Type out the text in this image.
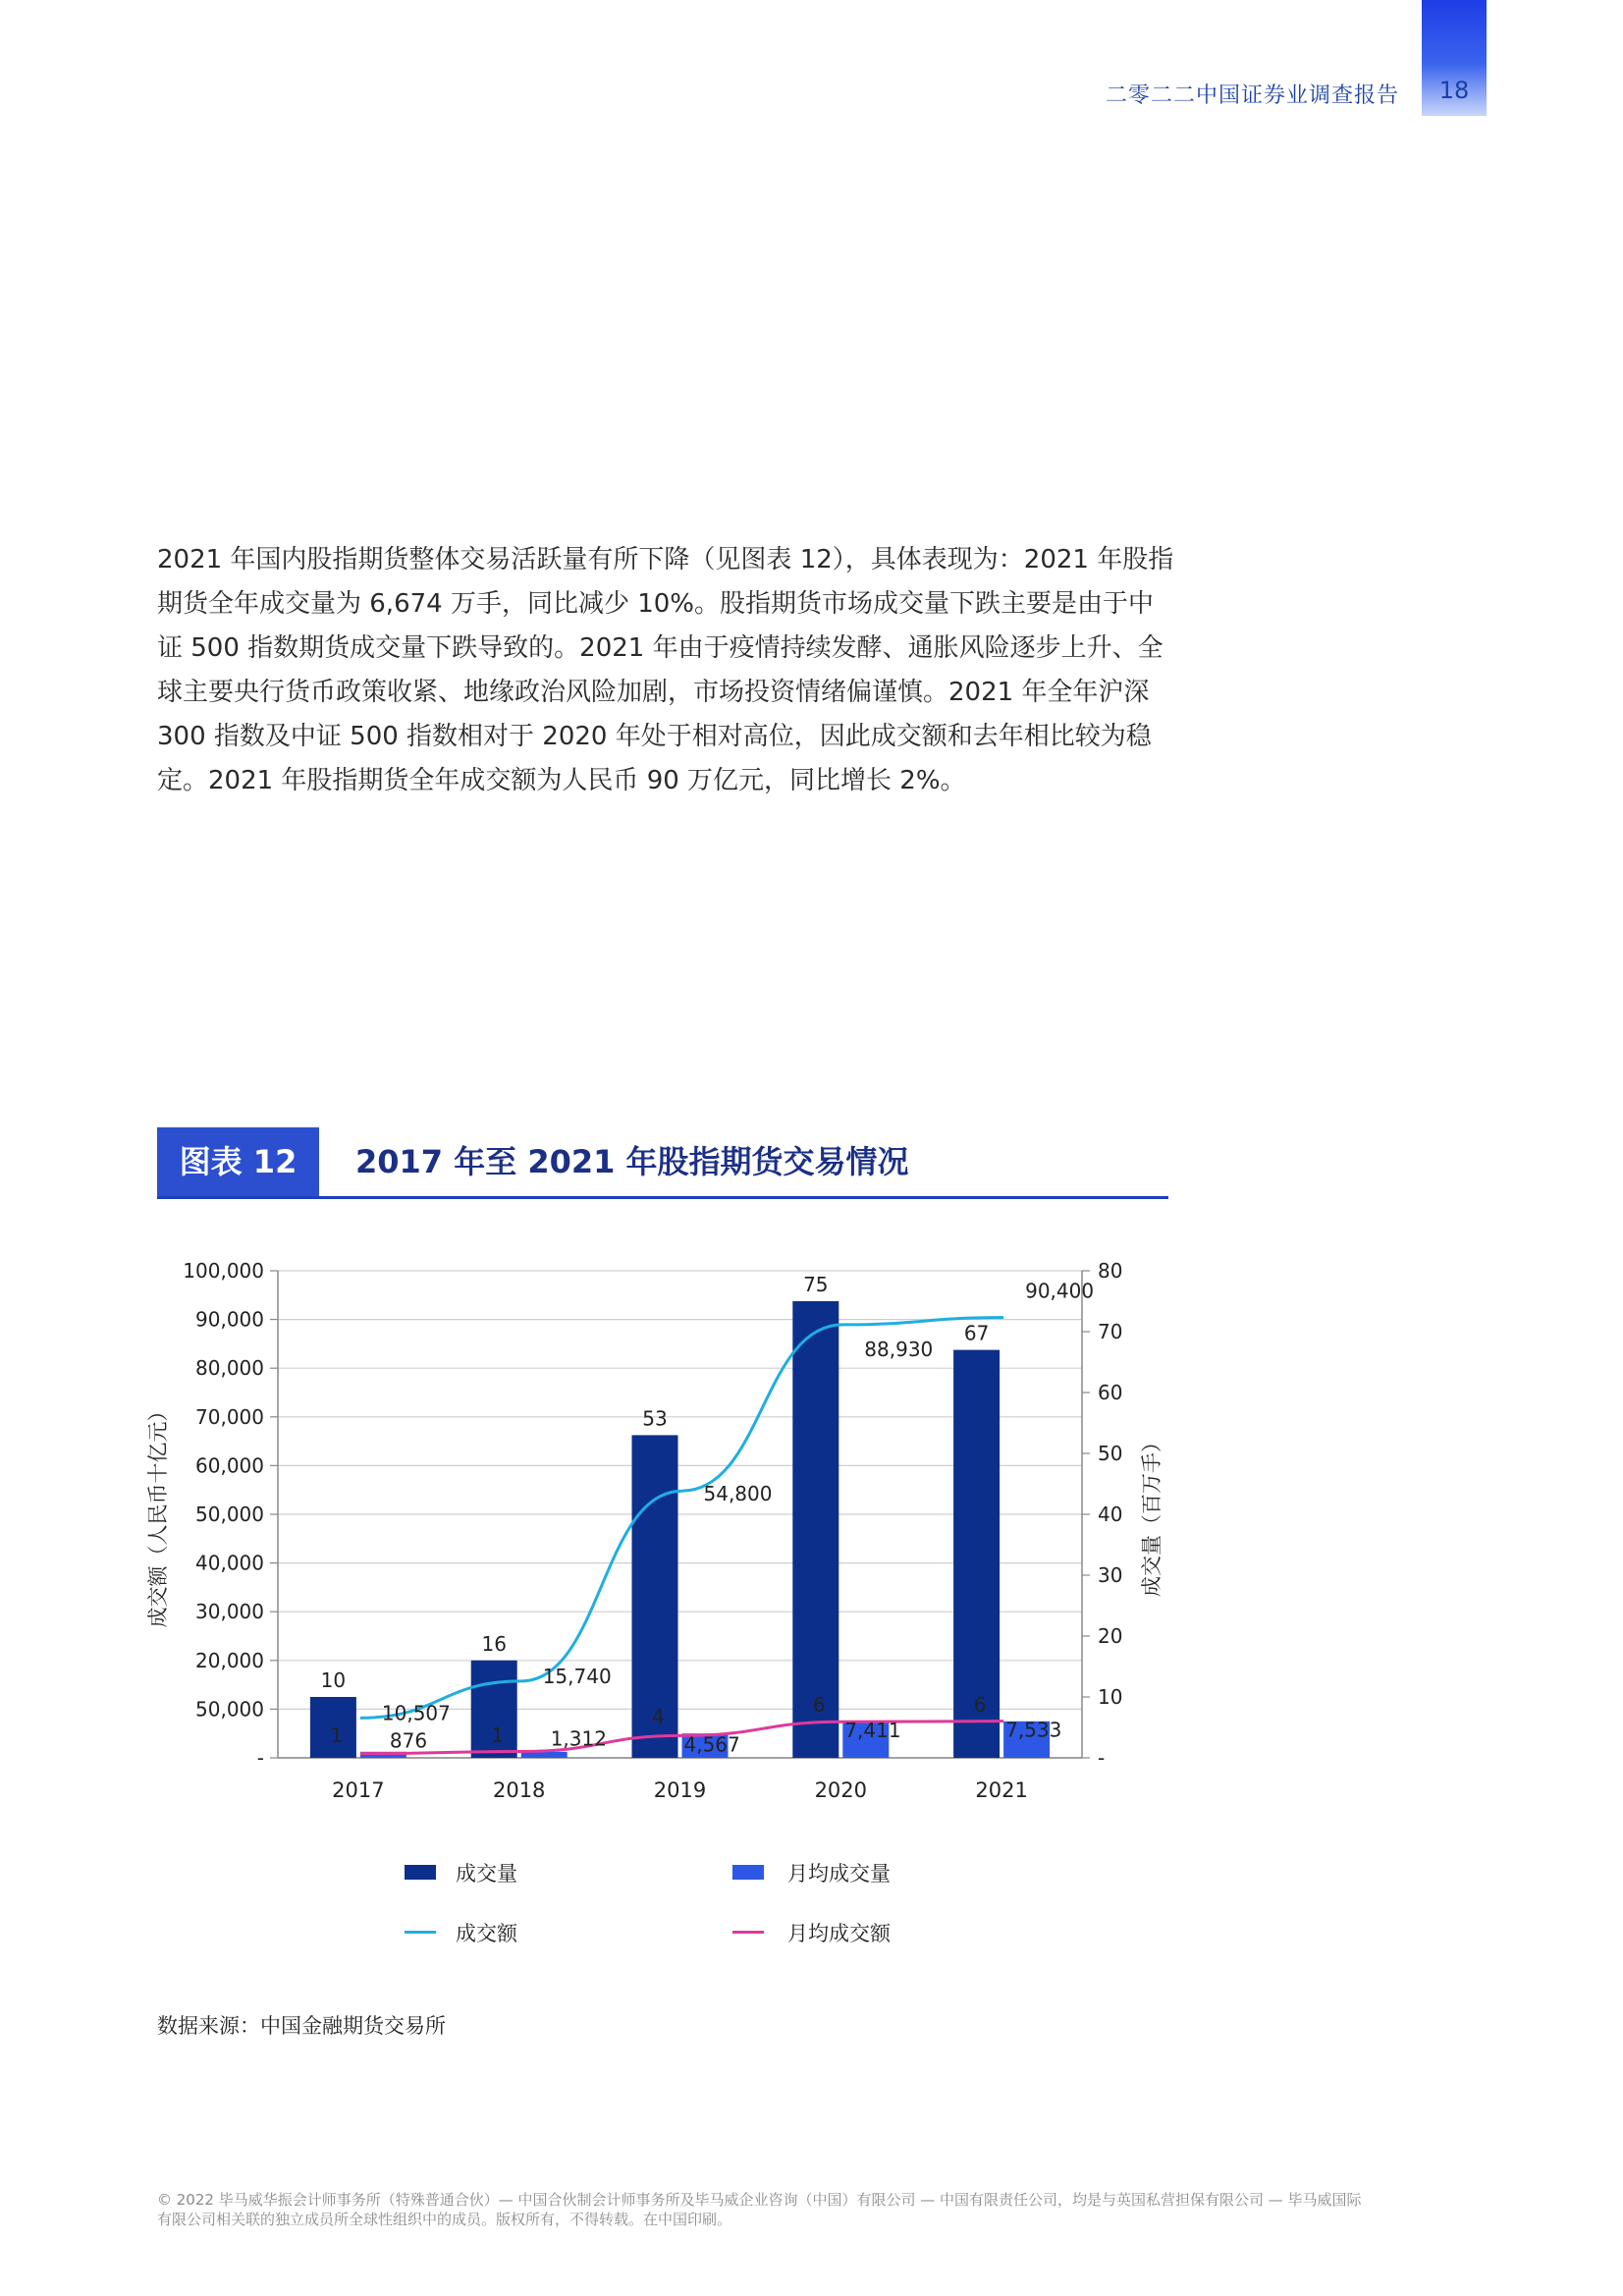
二零二二中国证券业调查报告	18

2021 年国内股指期货整体交易活跃量有所下降（见图表 12），具体表现为：2021 年股指期货全年成交量为 6,674 万手，同比减少 10%。股指期货市场成交量下跌主要是由于中证 500 指数期货成交量下跌导致的。2021 年由于疫情持续发酵、通胀风险逐步上升、全球主要央行货币政策收紧、地缘政治风险加剧，市场投资情绪偏谨慎。2021 年全年沪深 300 指数及中证 500 指数相对于 2020 年处于相对高位，因此成交额和去年相比较为稳定。2021 年股指期货全年成交额为人民币 90 万亿元，同比增长 2%。

图表 12	2017 年至 2021 年股指期货交易情况
-
50,000
20,000
30,000
40,000
50,000
60,000
70,000
80,000
90,000
100,000
-
10
20
30
40
50
60
70
80
成交额（人民币十亿元）	成交量（百万手）
2017	2018	2019	2020	2021
10
16
53
75
67
1	1
4
6	6
10,507
15,740
54,800
88,930
90,400
876	1,312	4,567
7,411	7,533
成交量	月均成交量
成交额	月均成交额
数据来源：中国金融期货交易所

© 2022 毕马威华振会计师事务所（特殊普通合伙）— 中国合伙制会计师事务所及毕马威企业咨询（中国）有限公司 — 中国有限责任公司，均是与英国私营担保有限公司 — 毕马威国际
有限公司相关联的独立成员所全球性组织中的成员。版权所有，不得转载。在中国印刷。
